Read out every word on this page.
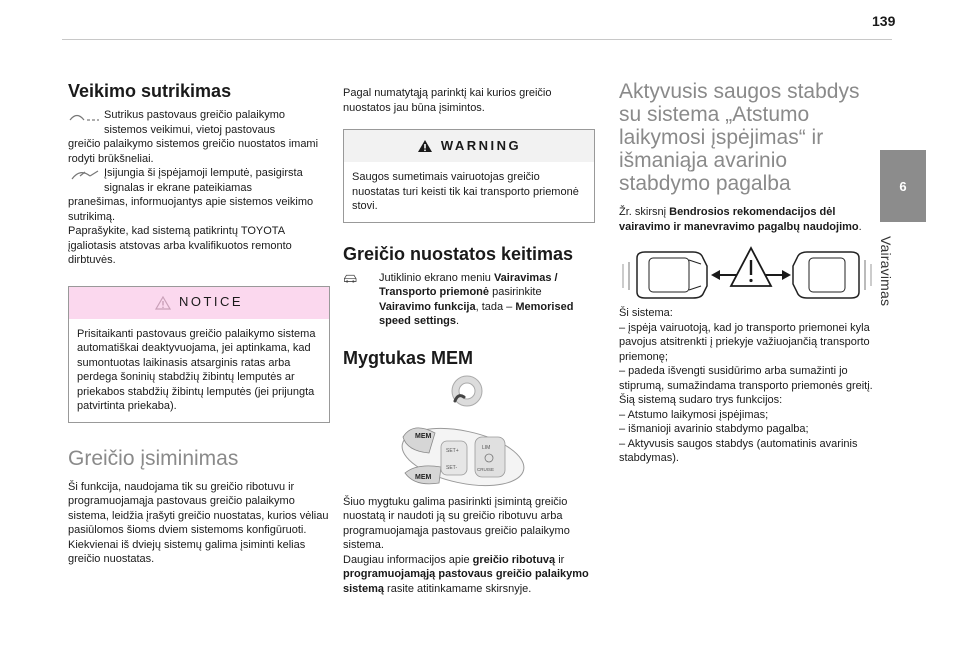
139
6
Vairavimas
Veikimo sutrikimas
Sutrikus pastovaus greičio palaikymo
sistemos veikimui, vietoj pastovaus
greičio palaikymo sistemos greičio nuostatos imami rodyti brūkšneliai.
Įsijungia ši įspėjamoji lemputė, pasigirsta
signalas ir ekrane pateikiamas
pranešimas, informuojantys apie sistemos veikimo sutrikimą.

Paprašykite, kad sistemą patikrintų TOYOTA įgaliotasis atstovas arba kvalifikuotos remonto dirbtuvės.

NOTICE
Prisitaikanti pastovaus greičio palaikymo sistema automatiškai deaktyvuojama, jei aptinkama, kad sumontuotas laikinasis atsarginis ratas arba perdega šoninių stabdžių žibintų lemputės ar priekabos stabdžių žibintų lemputės (jei prijungta patvirtinta priekaba).
Greičio įsiminimas

Ši funkcija, naudojama tik su greičio ribotuvu ir programuojamąja pastovaus greičio palaikymo sistema, leidžia įrašyti greičio nuostatas, kurios vėliau pasiūlomos šioms dviem sistemoms konfigūruoti.

Kiekvienai iš dviejų sistemų galima įsiminti kelias greičio nuostatas.

Pagal numatytąją parinktį kai kurios greičio nuostatos jau būna įsimintos.

WARNING
Saugos sumetimais vairuotojas greičio nuostatas turi keisti tik kai transporto priemonė stovi.
Greičio nuostatos keitimas
Jutiklinio ekrano meniu Vairavimas / Transporto priemonė pasirinkite Vairavimo funkcija, tada – Memorised speed settings.
Mygtukas MEM
MEM
MEM
SET+
SET-
LIM
CRUISE

Šiuo mygtuku galima pasirinkti įsimintą greičio nuostatą ir naudoti ją su greičio ribotuvu arba programuojamąja pastovaus greičio palaikymo sistema.

Daugiau informacijos apie greičio ribotuvą ir programuojamąją pastovaus greičio palaikymo sistemą rasite atitinkamame skirsnyje.

Aktyvusis saugos stabdys su sistema „Atstumo laikymosi įspėjimas“ ir išmaniąja avarinio stabdymo pagalba

Žr. skirsnį Bendrosios rekomendacijos dėl vairavimo ir manevravimo pagalbų naudojimo.

Ši sistema:

– įspėja vairuotoją, kad jo transporto priemonei kyla pavojus atsitrenkti į priekyje važiuojančią transporto priemonę;

– padeda išvengti susidūrimo arba sumažinti jo stiprumą, sumažindama transporto priemonės greitį.

Šią sistemą sudaro trys funkcijos:

– Atstumo laikymosi įspėjimas;

– išmanioji avarinio stabdymo pagalba;

– Aktyvusis saugos stabdys (automatinis avarinis stabdymas).
